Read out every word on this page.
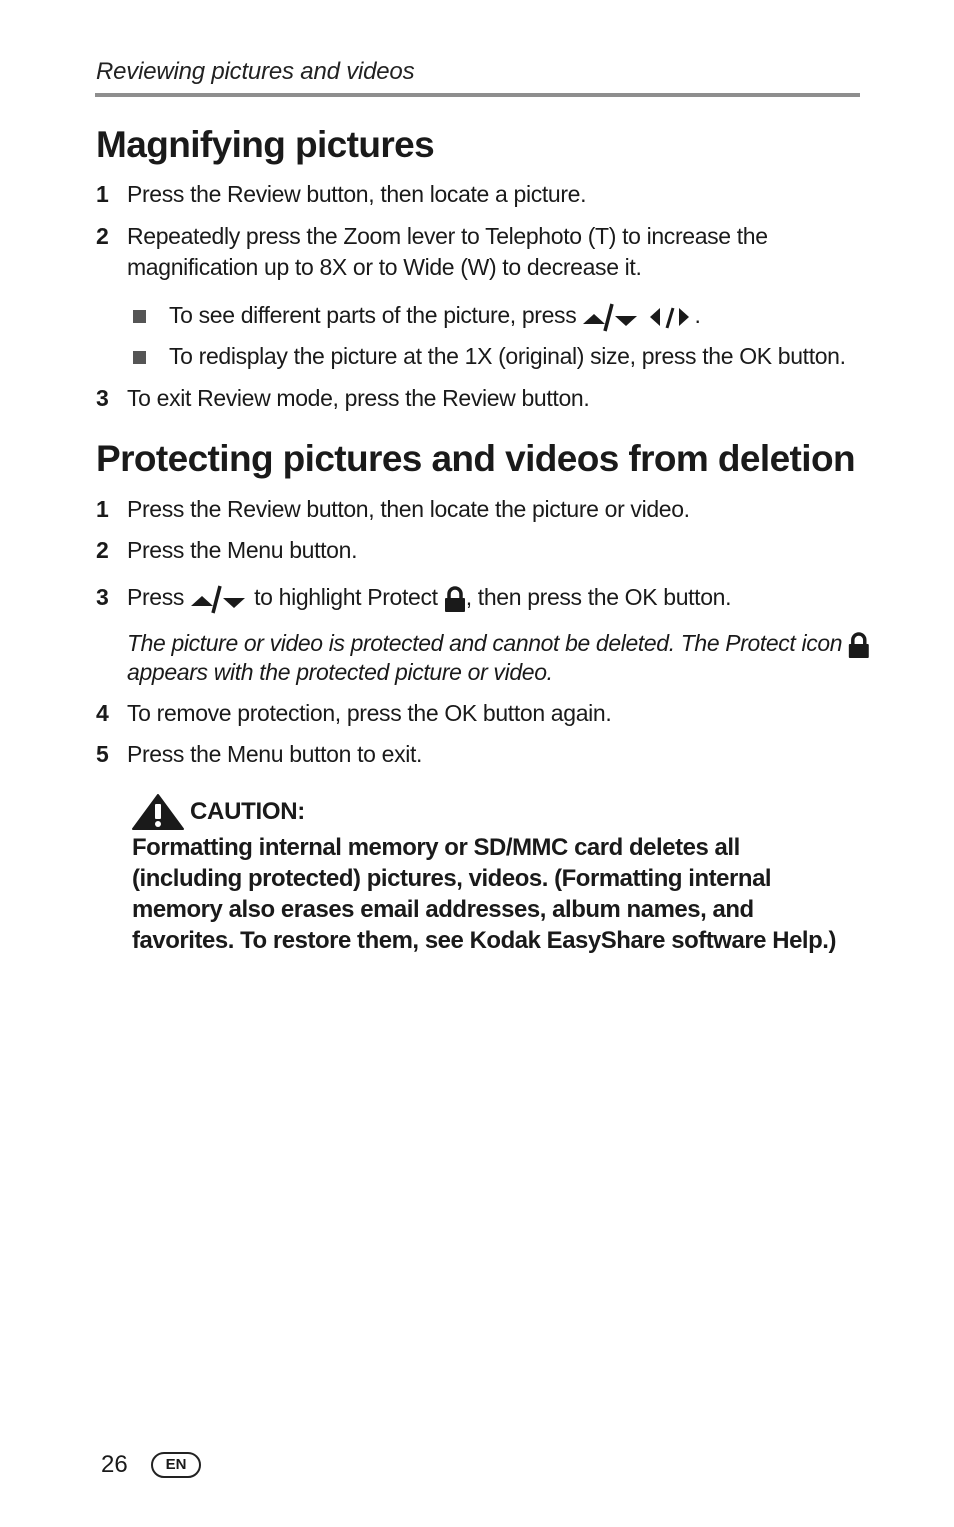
Reviewing pictures and videos
Magnifying pictures
1 Press the Review button, then locate a picture.
2 Repeatedly press the Zoom lever to Telephoto (T) to increase the
magnification up to 8X or to Wide (W) to decrease it.
To see different parts of the picture, press	.
To redisplay the picture at the 1X (original) size, press the OK button.
3 To exit Review mode, press the Review button.
Protecting pictures and videos from deletion
1 Press the Review button, then locate the picture or video.
2 Press the Menu button.
3 Press	to highlight Protect , then press the OK button.
The picture or video is protected and cannot be deleted. The Protect icon
appears with the protected picture or video.
4 To remove protection, press the OK button again.
5 Press the Menu button to exit.
CAUTION:
Formatting internal memory or SD/MMC card deletes all
(including protected) pictures, videos. (Formatting internal
memory also erases email addresses, album names, and
favorites. To restore them, see Kodak EasyShare software Help.)
26	EN
